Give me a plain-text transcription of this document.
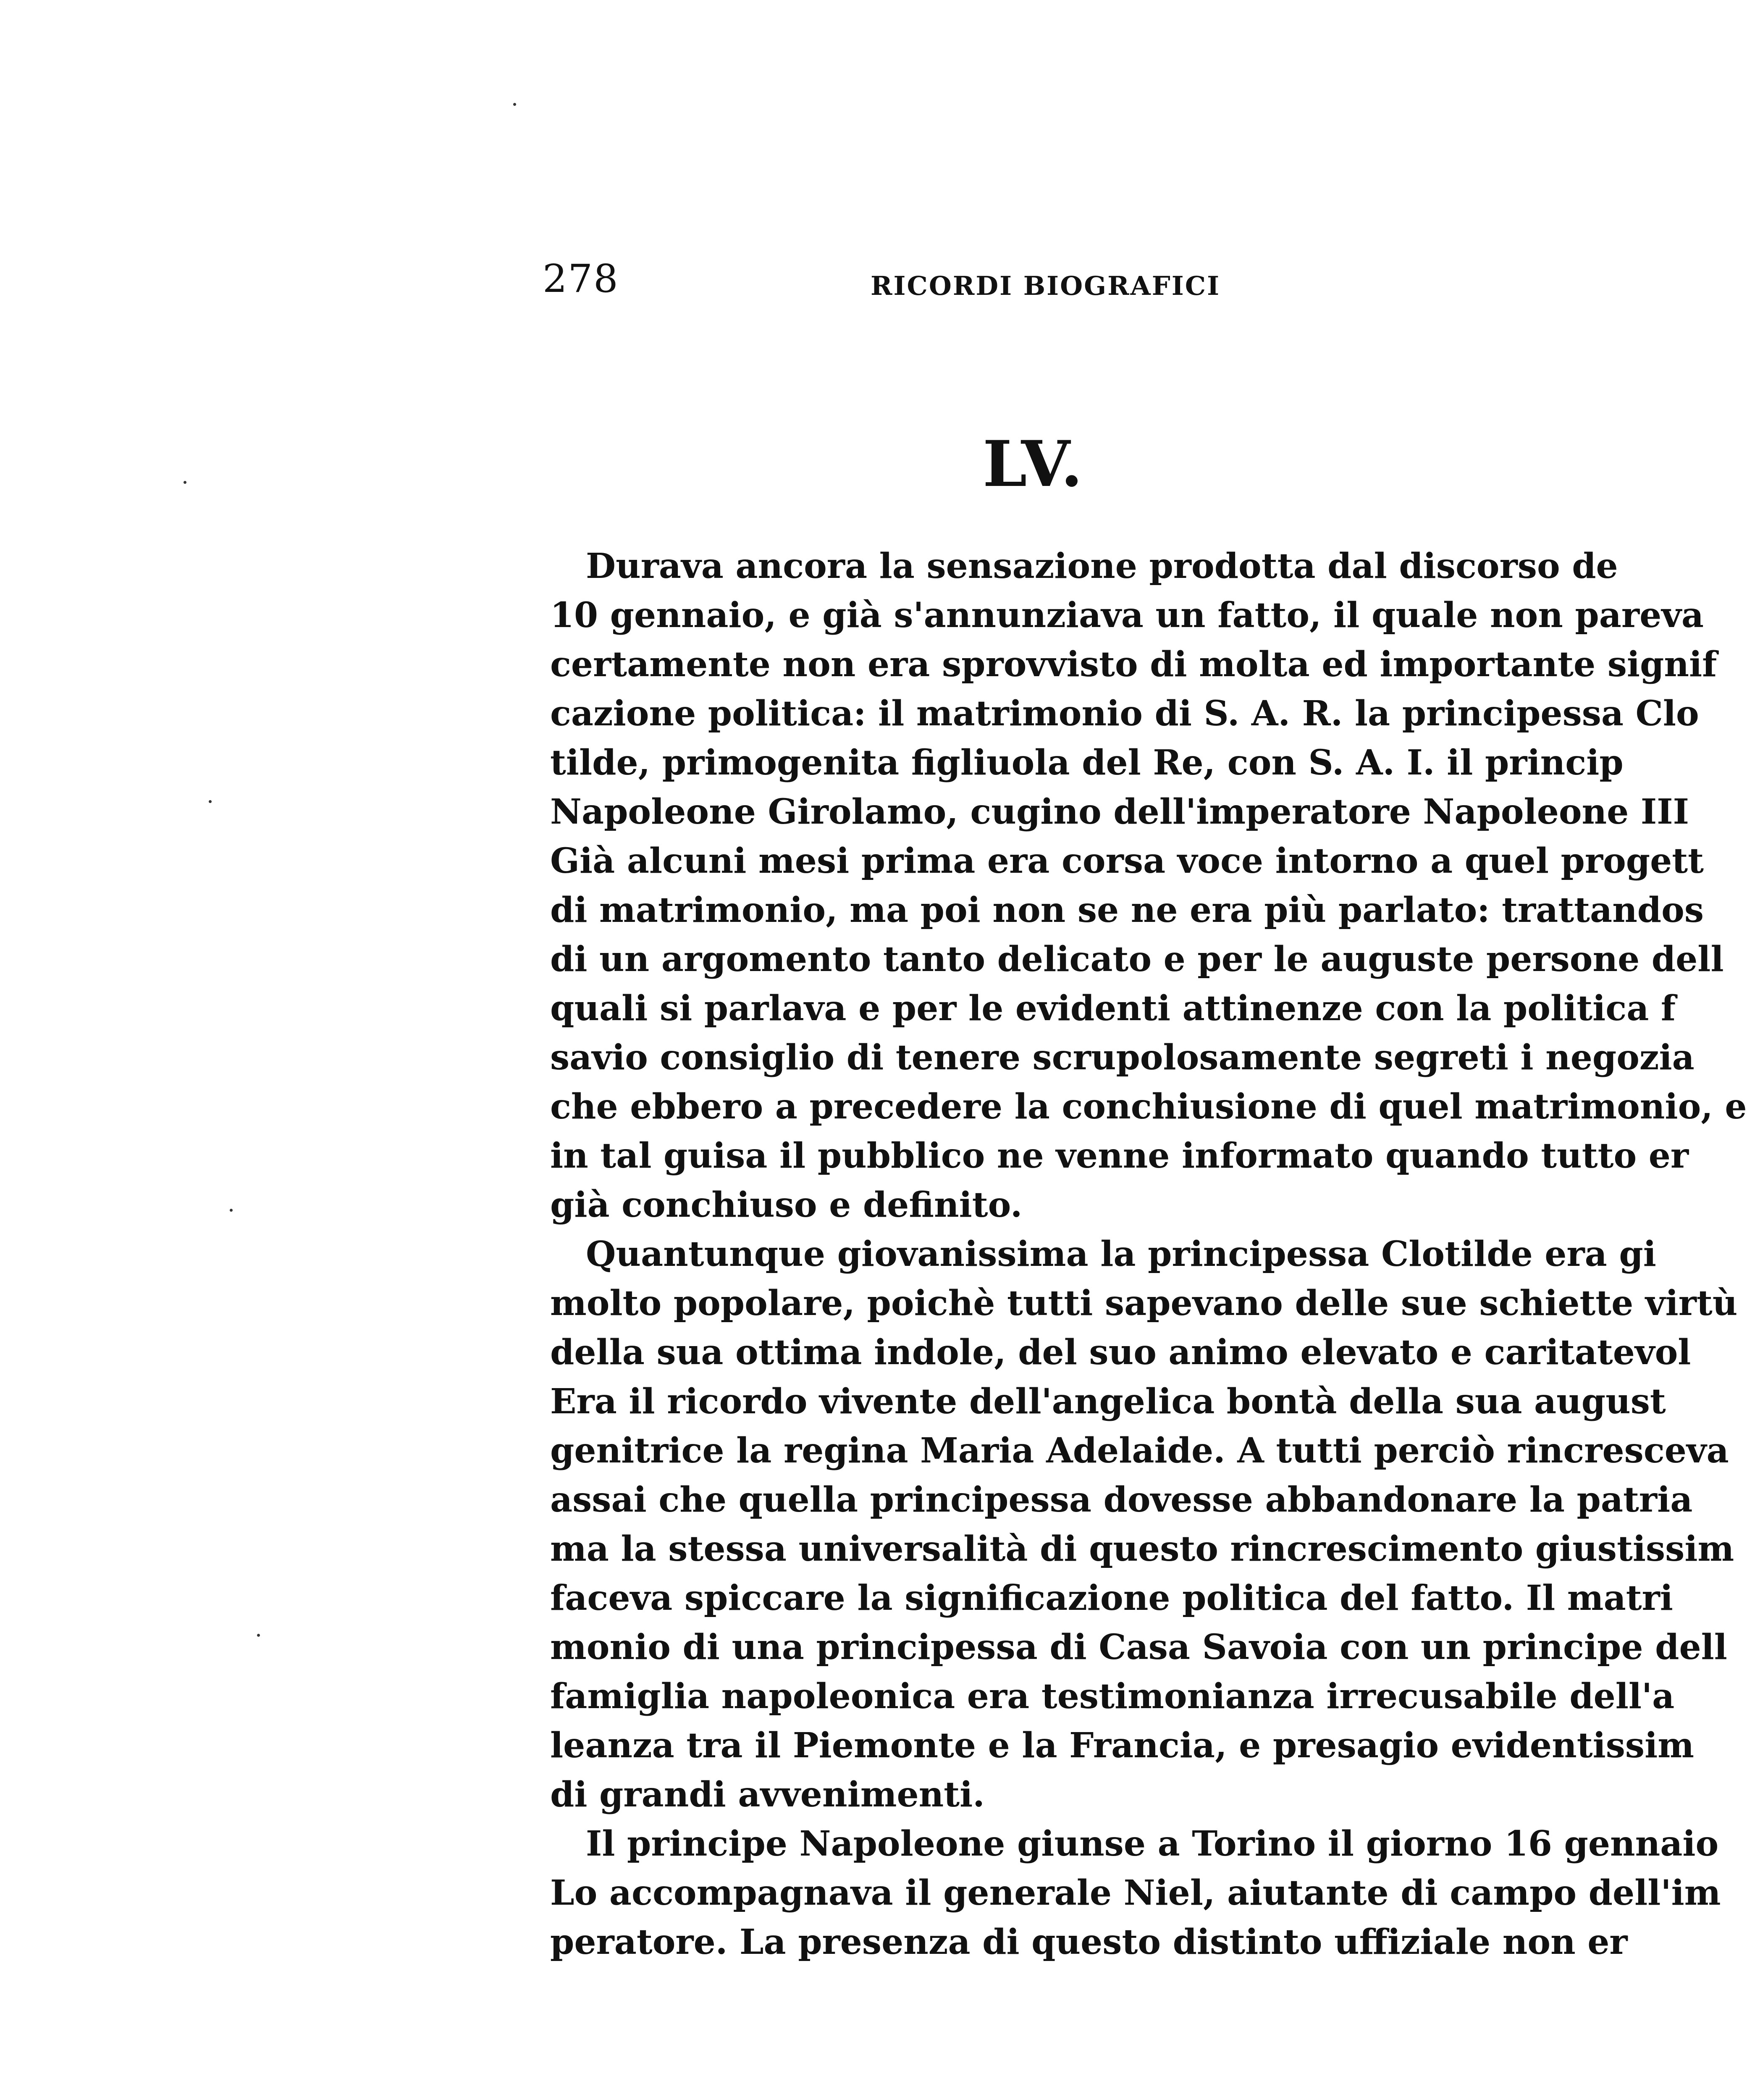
278	RICORDI BIOGRAFICI
LV.
Durava ancora la sensazione prodotta dal discorso de
10 gennaio, e già s'annunziava un fatto, il quale non pareva
certamente non era sprovvisto di molta ed importante signif
cazione politica: il matrimonio di S. A. R. la principessa Clo
tilde, primogenita figliuola del Re, con S. A. I. il princip
Napoleone Girolamo, cugino dell'imperatore Napoleone III
Già alcuni mesi prima era corsa voce intorno a quel progett
di matrimonio, ma poi non se ne era più parlato: trattandos
di un argomento tanto delicato e per le auguste persone dell
quali si parlava e per le evidenti attinenze con la politica f
savio consiglio di tenere scrupolosamente segreti i negozia
che ebbero a precedere la conchiusione di quel matrimonio, e
in tal guisa il pubblico ne venne informato quando tutto er
già conchiuso e definito.
Quantunque giovanissima la principessa Clotilde era gi
molto popolare, poichè tutti sapevano delle sue schiette virtù
della sua ottima indole, del suo animo elevato e caritatevol
Era il ricordo vivente dell'angelica bontà della sua august
genitrice la regina Maria Adelaide. A tutti perciò rincresceva
assai che quella principessa dovesse abbandonare la patria
ma la stessa universalità di questo rincrescimento giustissim
faceva spiccare la significazione politica del fatto. Il matri
monio di una principessa di Casa Savoia con un principe dell
famiglia napoleonica era testimonianza irrecusabile dell'a
leanza tra il Piemonte e la Francia, e presagio evidentissim
di grandi avvenimenti.
Il principe Napoleone giunse a Torino il giorno 16 gennaio
Lo accompagnava il generale Niel, aiutante di campo dell'im
peratore. La presenza di questo distinto uffiziale non er
